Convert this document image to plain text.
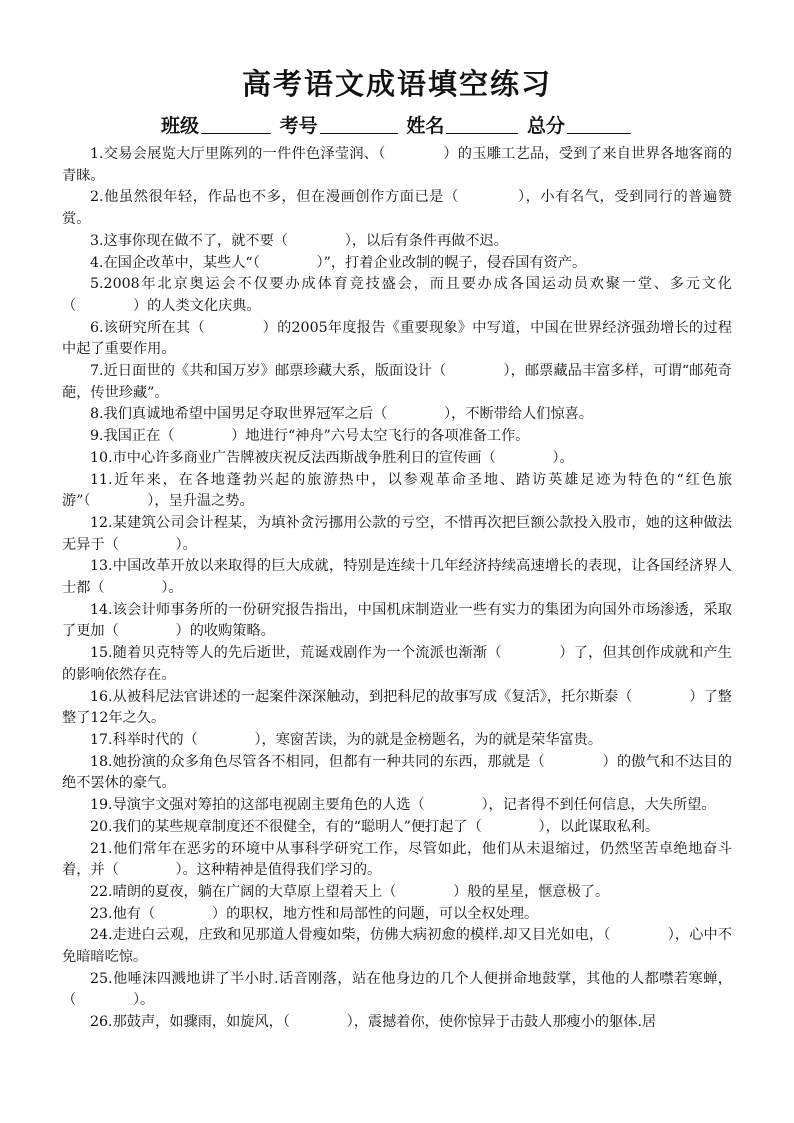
高考语文成语填空练习
班级	考号	姓名	总分

1.交易会展览大厅里陈列的一件件色泽莹润、（　　　　）的玉雕工艺品，受到了来自世界各地客商的青睐。

2.他虽然很年轻，作品也不多，但在漫画创作方面已是（　　　　），小有名气，受到同行的普遍赞赏。

3.这事你现在做不了，就不要（　　　　），以后有条件再做不迟。

4.在国企改革中，某些人“（　　　　）”，打着企业改制的幌子，侵吞国有资产。

5.2008年北京奥运会不仅要办成体育竞技盛会，而且要办成各国运动员欢聚一堂、多元文化（　　　　）的人类文化庆典。

6.该研究所在其（　　　　）的2005年度报告《重要现象》中写道，中国在世界经济强劲增长的过程中起了重要作用。

7.近日面世的《共和国万岁》邮票珍藏大系，版面设计（　　　　），邮票藏品丰富多样，可谓“邮苑奇葩，传世珍藏”。

8.我们真诚地希望中国男足夺取世界冠军之后（　　　　），不断带给人们惊喜。

9.我国正在（　　　　）地进行“神舟”六号太空飞行的各项准备工作。

10.市中心许多商业广告牌被庆祝反法西斯战争胜利日的宣传画（　　　　）。

11.近年来，在各地蓬勃兴起的旅游热中，以参观革命圣地、踏访英雄足迹为特色的“红色旅游”（　　　　），呈升温之势。

12.某建筑公司会计程某，为填补贪污挪用公款的亏空，不惜再次把巨额公款投入股市，她的这种做法无异于（　　　　）。

13.中国改革开放以来取得的巨大成就，特别是连续十几年经济持续高速增长的表现，让各国经济界人士都（　　　　）。

14.该会计师事务所的一份研究报告指出，中国机床制造业一些有实力的集团为向国外市场渗透，采取了更加（　　　　）的收购策略。

15.随着贝克特等人的先后逝世，荒诞戏剧作为一个流派也渐渐（　　　　）了，但其创作成就和产生的影响依然存在。

16.从被科尼法官讲述的一起案件深深触动，到把科尼的故事写成《复活》，托尔斯泰（　　　　）了整整了12年之久。

17.科举时代的（　　　　），寒窗苦读，为的就是金榜题名，为的就是荣华富贵。

18.她扮演的众多角色尽管各不相同，但都有一种共同的东西，那就是（　　　　）的傲气和不达目的绝不罢休的豪气。

19.导演宇文强对筹拍的这部电视剧主要角色的人选（　　　　），记者得不到任何信息，大失所望。

20.我们的某些规章制度还不很健全，有的“聪明人”便打起了（　　　　），以此谋取私利。

21.他们常年在恶劣的环境中从事科学研究工作，尽管如此，他们从未退缩过，仍然坚苦卓绝地奋斗着，并（　　　　）。这种精神是值得我们学习的。

22.晴朗的夏夜，躺在广阔的大草原上望着天上（　　　　）般的星星，惬意极了。

23.他有（　　　　）的职权，地方性和局部性的问题，可以全权处理。

24.走进白云观，庄致和见那道人骨瘦如柴，仿佛大病初愈的模样.却又目光如电，（　　　　），心中不免暗暗吃惊。

25.他唾沫四溅地讲了半小时.话音刚落，站在他身边的几个人便拼命地鼓掌，其他的人都噤若寒蝉，（　　　　）。

26.那鼓声，如骤雨，如旋风，（　　　　），震撼着你，使你惊异于击鼓人那瘦小的躯体.居
